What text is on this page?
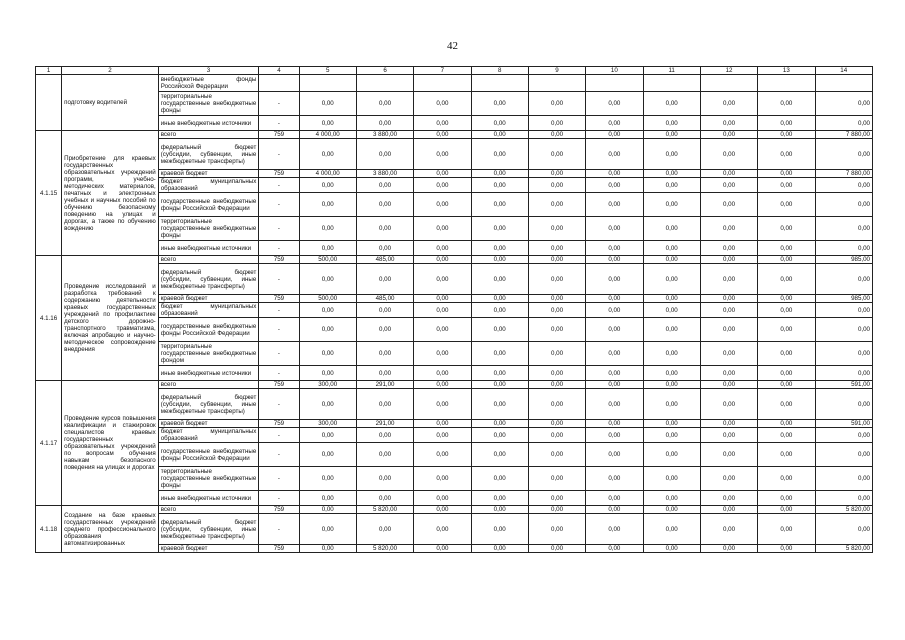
42
1	2	3	4	5	6	7	8	9	10	11	12	13	14
	подготовку водителей	внебюджетные фонды Российской Федерации											
		территориальные государственные внебюджетные фонды	-	0,00	0,00	0,00	0,00	0,00	0,00	0,00	0,00	0,00	0,00
		иные внебюджетные источники	-	0,00	0,00	0,00	0,00	0,00	0,00	0,00	0,00	0,00	0,00
4.1.15	Приобретение для краевых государственных образовательных учреждений программ, учебно-методических материалов, печатных и электронных учебных и научных пособий по обучению безопасному поведению на улицах и дорогах, а также по обучению вождению	всего	759	4 000,00	3 880,00	0,00	0,00	0,00	0,00	0,00	0,00	0,00	7 880,00
		федеральный бюджет (субсидии, субвенции, иные межбюджетные трансферты)	-	0,00	0,00	0,00	0,00	0,00	0,00	0,00	0,00	0,00	0,00
		краевой бюджет	759	4 000,00	3 880,00	0,00	0,00	0,00	0,00	0,00	0,00	0,00	7 880,00
		бюджет муниципальных образований	-	0,00	0,00	0,00	0,00	0,00	0,00	0,00	0,00	0,00	0,00
		государственные внебюджетные фонды Российской Федерации	-	0,00	0,00	0,00	0,00	0,00	0,00	0,00	0,00	0,00	0,00
		территориальные государственные внебюджетные фонды	-	0,00	0,00	0,00	0,00	0,00	0,00	0,00	0,00	0,00	0,00
		иные внебюджетные источники	-	0,00	0,00	0,00	0,00	0,00	0,00	0,00	0,00	0,00	0,00
4.1.16	Проведение исследований и разработка требований к содержанию деятельности краевых государственных учреждений по профилактике детского дорожно-транспортного травматизма, включая апробацию и научно-методическое сопровождение внедрения	всего	759	500,00	485,00	0,00	0,00	0,00	0,00	0,00	0,00	0,00	985,00
		федеральный бюджет (субсидии, субвенции, иные межбюджетные трансферты)	-	0,00	0,00	0,00	0,00	0,00	0,00	0,00	0,00	0,00	0,00
		краевой бюджет	759	500,00	485,00	0,00	0,00	0,00	0,00	0,00	0,00	0,00	985,00
		бюджет муниципальных образований	-	0,00	0,00	0,00	0,00	0,00	0,00	0,00	0,00	0,00	0,00
		государственные внебюджетные фонды Российской Федерации	-	0,00	0,00	0,00	0,00	0,00	0,00	0,00	0,00	0,00	0,00
		территориальные государственные внебюджетные фондом	-	0,00	0,00	0,00	0,00	0,00	0,00	0,00	0,00	0,00	0,00
		иные внебюджетные источники	-	0,00	0,00	0,00	0,00	0,00	0,00	0,00	0,00	0,00	0,00
4.1.17	Проведение курсов повышения квалификации и стажировок специалистов краевых государственных образовательных учреждений по вопросам обучения навыкам безопасного поведения на улицах и дорогах	всего	759	300,00	291,00	0,00	0,00	0,00	0,00	0,00	0,00	0,00	591,00
		федеральный бюджет (субсидии, субвенции, иные межбюджетные трансферты)	-	0,00	0,00	0,00	0,00	0,00	0,00	0,00	0,00	0,00	0,00
		краевой бюджет	759	300,00	291,00	0,00	0,00	0,00	0,00	0,00	0,00	0,00	591,00
		бюджет муниципальных образований	-	0,00	0,00	0,00	0,00	0,00	0,00	0,00	0,00	0,00	0,00
		государственные внебюджетные фонды Российской Федерации	-	0,00	0,00	0,00	0,00	0,00	0,00	0,00	0,00	0,00	0,00
		территориальные государственные внебюджетные фонды	-	0,00	0,00	0,00	0,00	0,00	0,00	0,00	0,00	0,00	0,00
		иные внебюджетные источники	-	0,00	0,00	0,00	0,00	0,00	0,00	0,00	0,00	0,00	0,00
4.1.18	Создание на базе краевых государственных учреждений среднего профессионального образования автоматизированных	всего	759	0,00	5 820,00	0,00	0,00	0,00	0,00	0,00	0,00	0,00	5 820,00
		федеральный бюджет (субсидии, субвенции, иные межбюджетные трансферты)	-	0,00	0,00	0,00	0,00	0,00	0,00	0,00	0,00	0,00	0,00
		краевой бюджет	759	0,00	5 820,00	0,00	0,00	0,00	0,00	0,00	0,00	0,00	5 820,00
